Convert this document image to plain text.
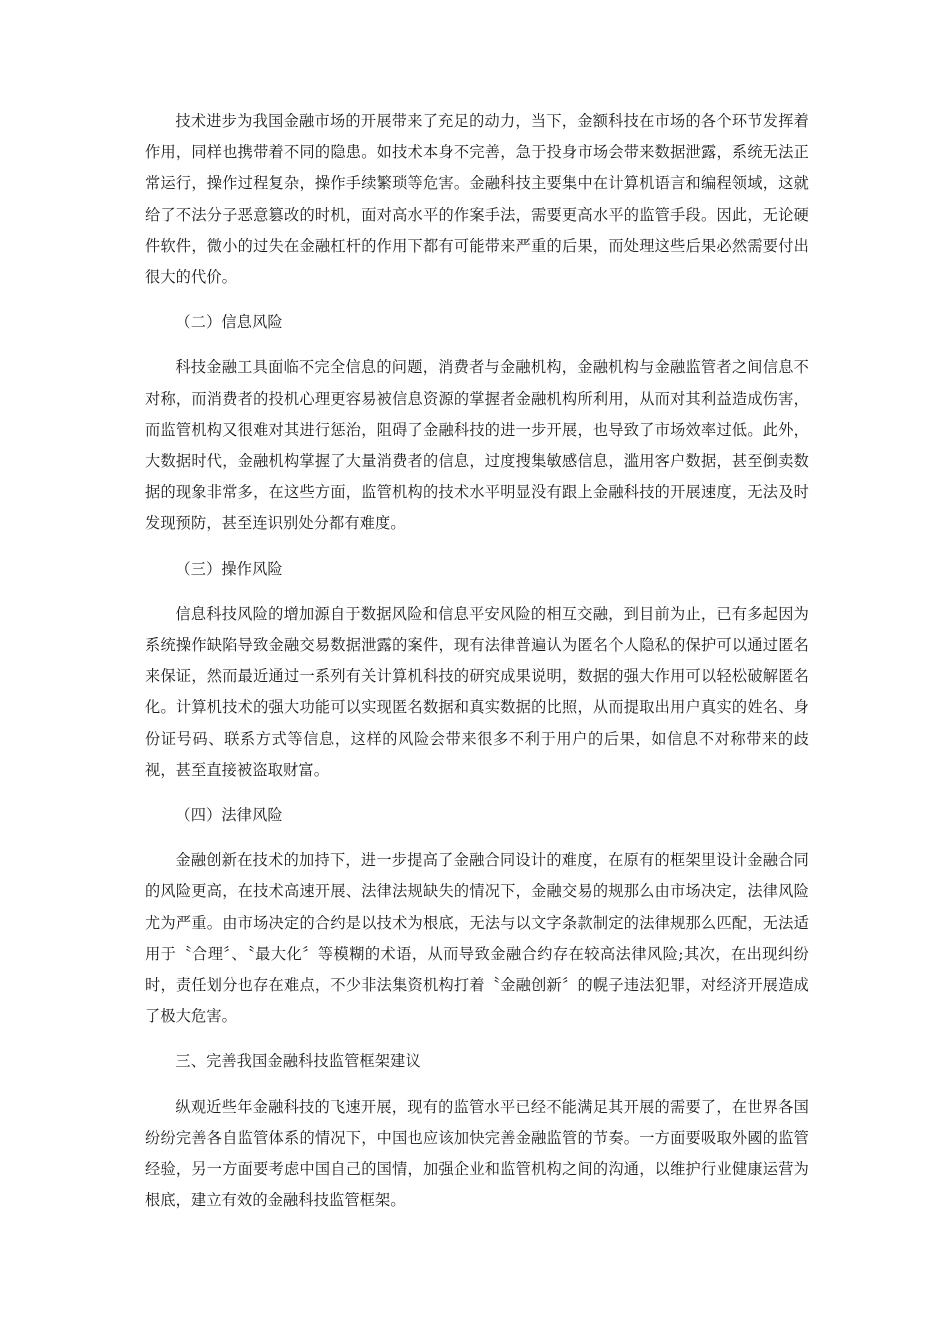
技术进步为我国金融市场的开展带来了充足的动力，当下，金额科技在市场的各个环节发挥着作用，同样也携带着不同的隐患。如技术本身不完善，急于投身市场会带来数据泄露，系统无法正常运行，操作过程复杂，操作手续繁琐等危害。金融科技主要集中在计算机语言和编程领域，这就给了不法分子恶意篡改的时机，面对高水平的作案手法，需要更高水平的监管手段。因此，无论硬件软件，微小的过失在金融杠杆的作用下都有可能带来严重的后果，而处理这些后果必然需要付出很大的代价。

（二）信息风险

科技金融工具面临不完全信息的问题，消费者与金融机构，金融机构与金融监管者之间信息不对称，而消费者的投机心理更容易被信息资源的掌握者金融机构所利用，从而对其利益造成伤害，而监管机构又很难对其进行惩治，阻碍了金融科技的进一步开展，也导致了市场效率过低。此外，大数据时代，金融机构掌握了大量消费者的信息，过度搜集敏感信息，滥用客户数据，甚至倒卖数据的现象非常多，在这些方面，监管机构的技术水平明显没有跟上金融科技的开展速度，无法及时发现预防，甚至连识别处分都有难度。

（三）操作风险

信息科技风险的增加源自于数据风险和信息平安风险的相互交融，到目前为止，已有多起因为系统操作缺陷导致金融交易数据泄露的案件，现有法律普遍认为匿名个人隐私的保护可以通过匿名来保证，然而最近通过一系列有关计算机科技的研究成果说明，数据的强大作用可以轻松破解匿名化。计算机技术的强大功能可以实现匿名数据和真实数据的比照，从而提取出用户真实的姓名、身份证号码、联系方式等信息，这样的风险会带来很多不利于用户的后果，如信息不对称带来的歧视，甚至直接被盗取财富。

（四）法律风险

金融创新在技术的加持下，进一步提高了金融合同设计的难度，在原有的框架里设计金融合同的风险更高，在技术高速开展、法律法规缺失的情况下，金融交易的规那么由市场决定，法律风险尤为严重。由市场决定的合约是以技术为根底，无法与以文字条款制定的法律规那么匹配，无法适用于〝合理〞、〝最大化〞等模糊的术语，从而导致金融合约存在较高法律风险;其次，在出现纠纷时，责任划分也存在难点，不少非法集资机构打着〝金融创新〞的幌子违法犯罪，对经济开展造成了极大危害。

三、完善我国金融科技监管框架建议

纵观近些年金融科技的飞速开展，现有的监管水平已经不能满足其开展的需要了，在世界各国纷纷完善各自监管体系的情况下，中国也应该加快完善金融监管的节奏。一方面要吸取外國的监管经验，另一方面要考虑中国自己的国情，加强企业和监管机构之间的沟通，以维护行业健康运营为根底，建立有效的金融科技监管框架。
